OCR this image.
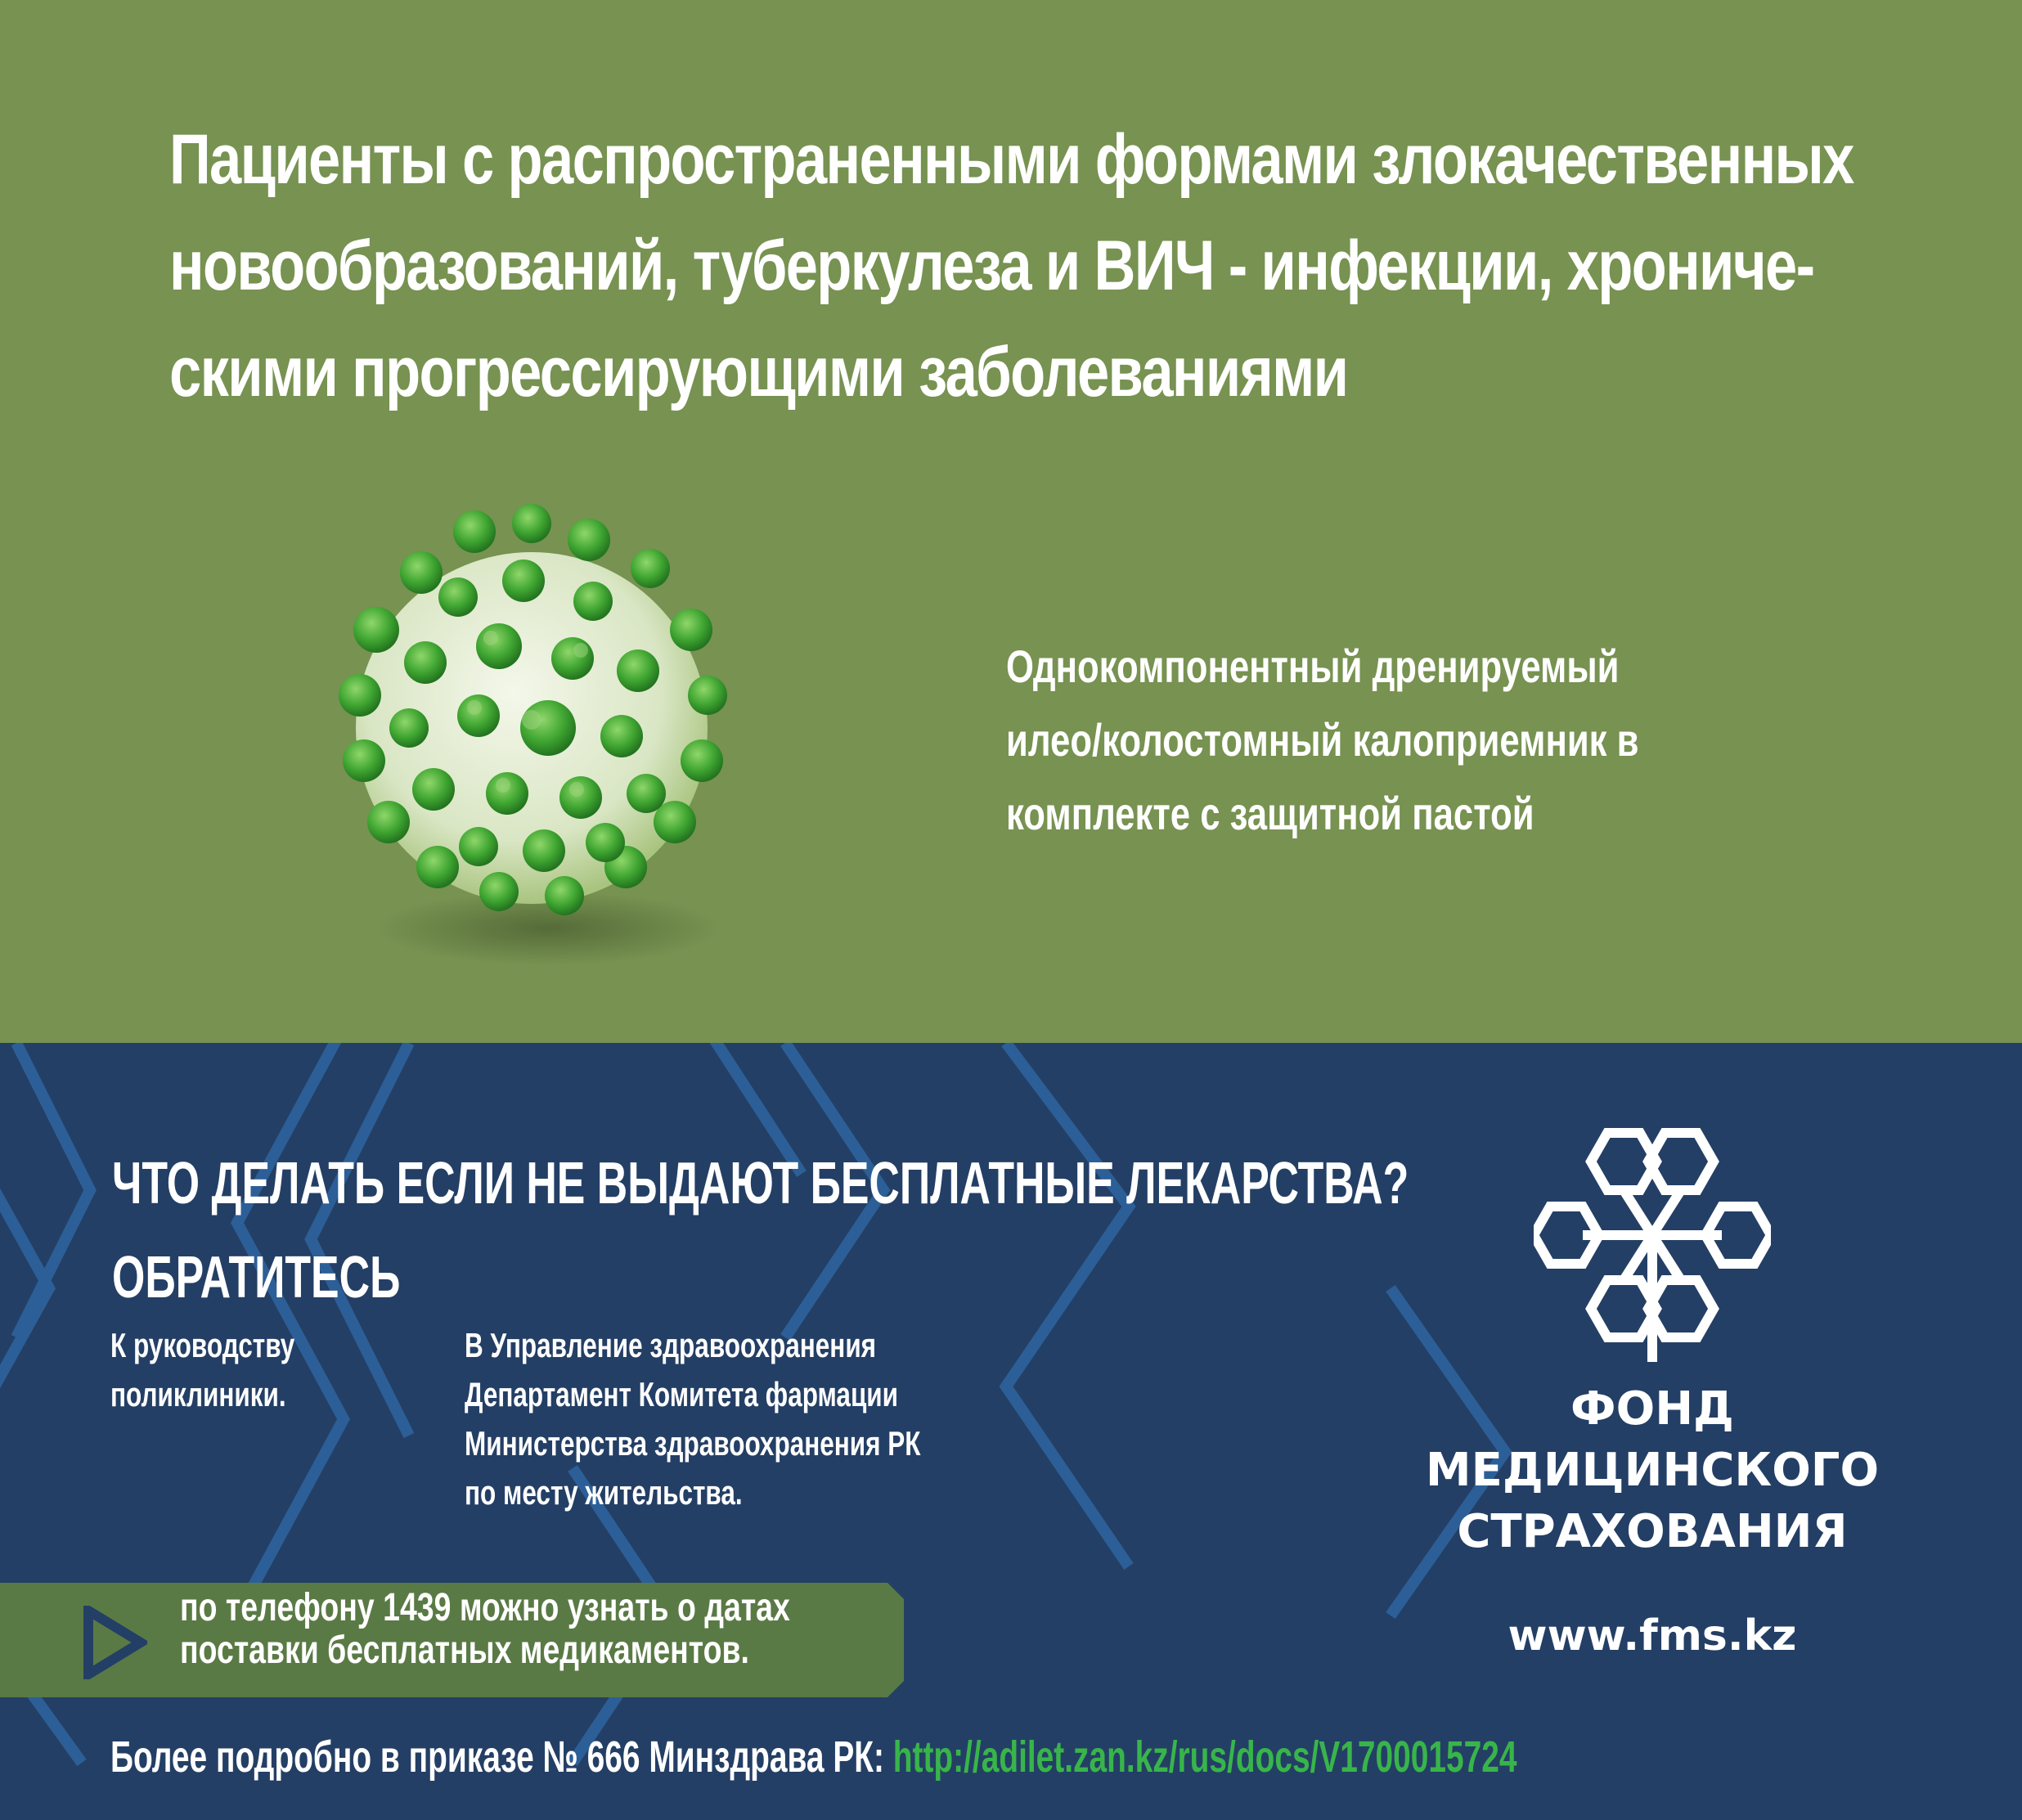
Пациенты с распространенными формами злокачественных
новообразований, туберкулеза и ВИЧ - инфекции, хрониче-
скими прогрессирующими заболеваниями
Однокомпонентный дренируемый
илео/колостомный калоприемник в
комплекте с защитной пастой
ЧТО ДЕЛАТЬ ЕСЛИ НЕ ВЫДАЮТ БЕСПЛАТНЫЕ ЛЕКАРСТВА?
ОБРАТИТЕСЬ
К руководству
поликлиники.
В Управление здравоохранения
Департамент Комитета фармации
Министерства здравоохранения РК
по месту жительства.
по телефону 1439 можно узнать о датах
поставки бесплатных медикаментов.
Более подробно в приказе № 666 Минздрава РК: http://adilet.zan.kz/rus/docs/V1700015724
ФОНД
МЕДИЦИНСКОГО
СТРАХОВАНИЯ
www.fms.kz
